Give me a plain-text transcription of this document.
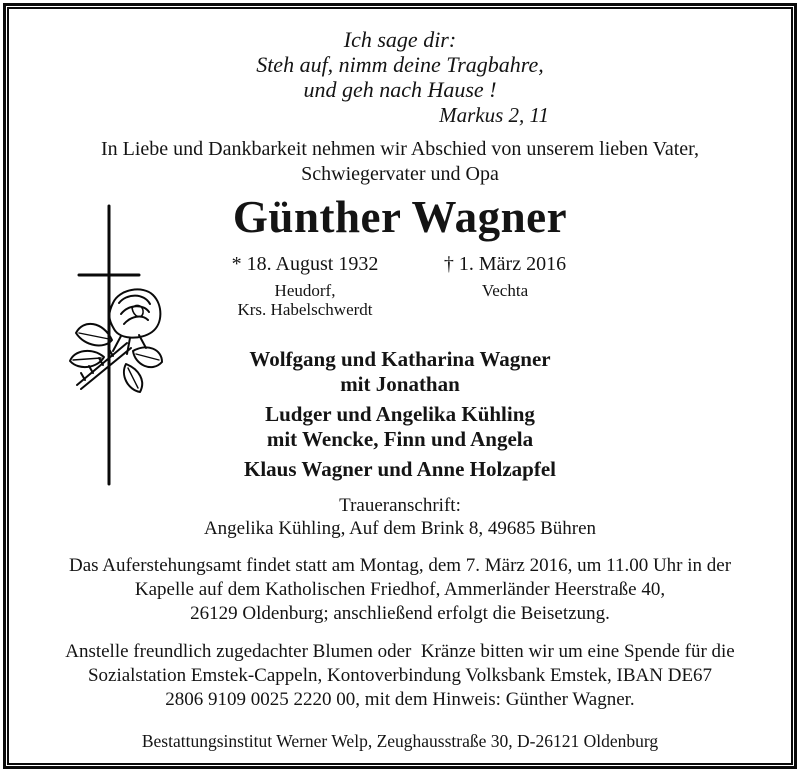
Ich sage dir:
Steh auf, nimm deine Tragbahre,
und geh nach Hause !
Markus 2, 11
In Liebe und Dankbarkeit nehmen wir Abschied von unserem lieben Vater,
Schwiegervater und Opa
Günther Wagner
* 18. August 1932
Heudorf,
Krs. Habelschwerdt
† 1. März 2016
Vechta
Wolfgang und Katharina Wagner
mit Jonathan
Ludger und Angelika Kühling
mit Wencke, Finn und Angela
Klaus Wagner und Anne Holzapfel
Traueranschrift:
Angelika Kühling, Auf dem Brink 8, 49685 Bühren
Das Auferstehungsamt findet statt am Montag, dem 7. März 2016, um 11.00 Uhr in der
Kapelle auf dem Katholischen Friedhof, Ammerländer Heerstraße 40,
26129 Oldenburg; anschließend erfolgt die Beisetzung.
Anstelle freundlich zugedachter Blumen oder  Kränze bitten wir um eine Spende für die
Sozialstation Emstek-Cappeln, Kontoverbindung Volksbank Emstek, IBAN DE67
2806 9109 0025 2220 00, mit dem Hinweis: Günther Wagner.
Bestattungsinstitut Werner Welp, Zeughausstraße 30, D-26121 Oldenburg
